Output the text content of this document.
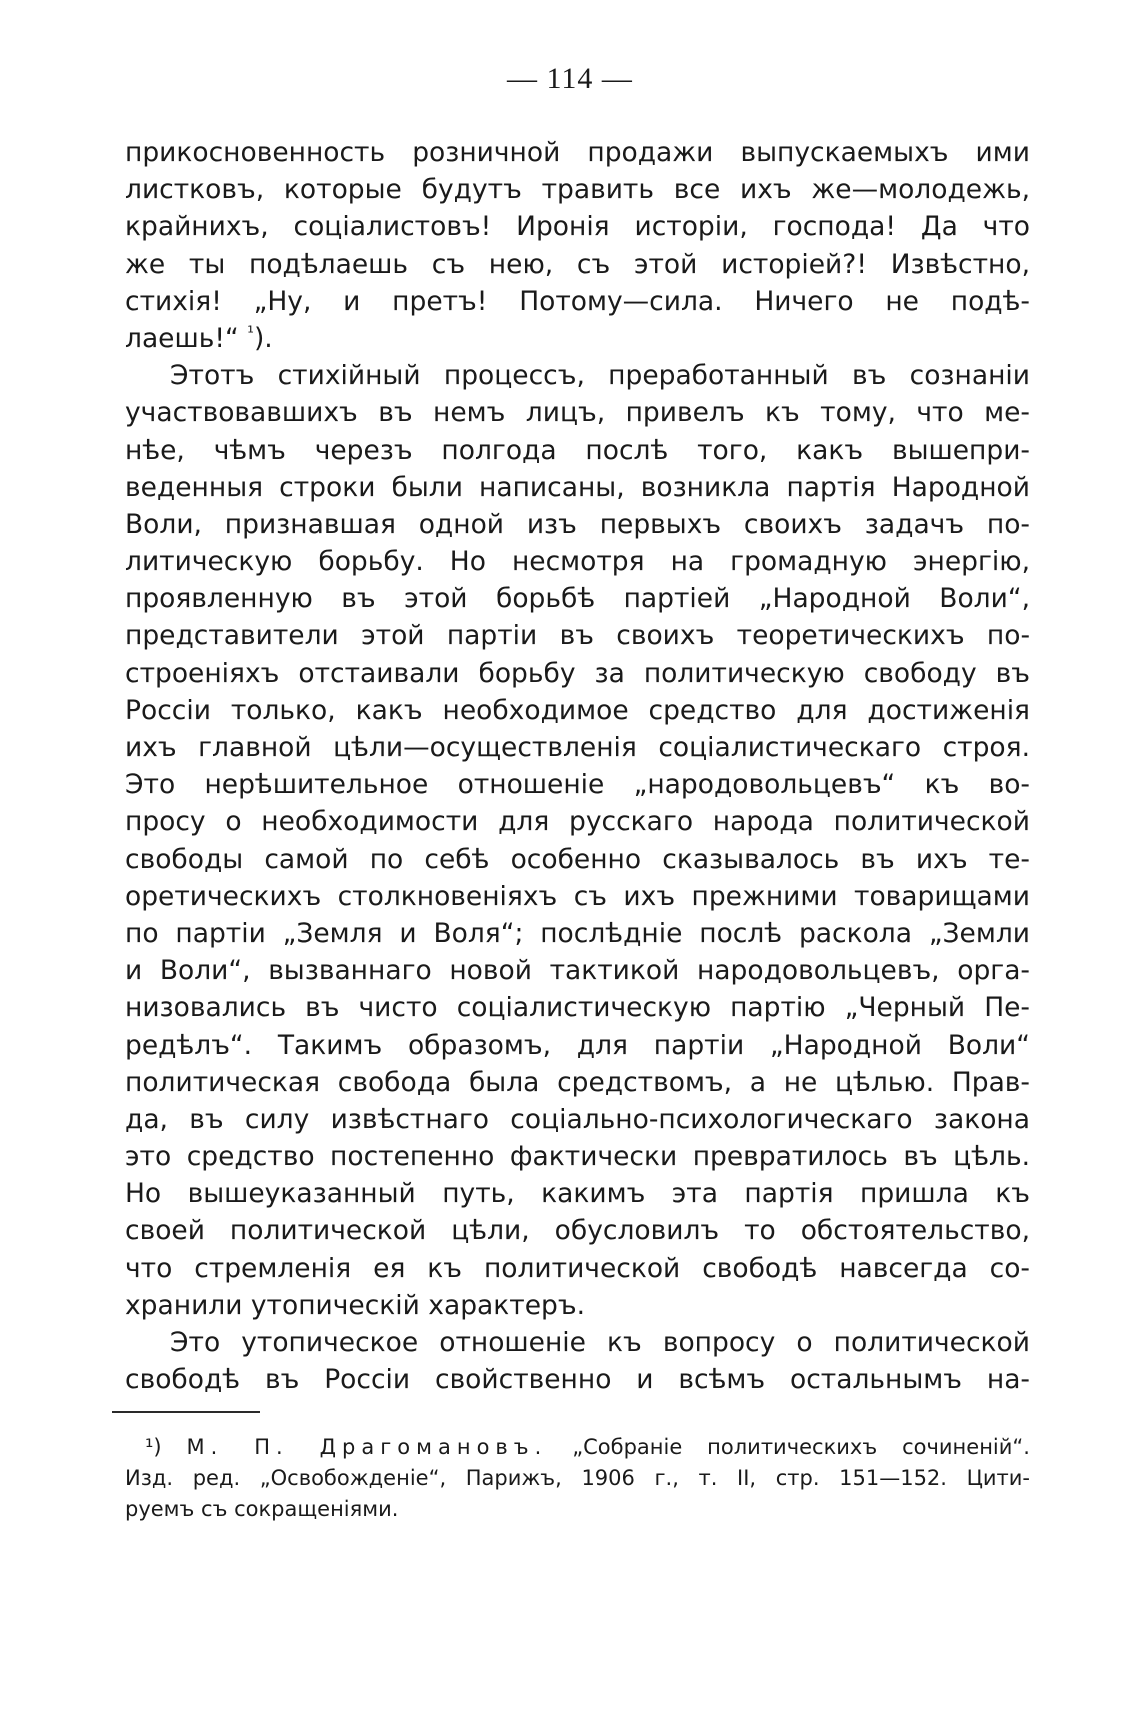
— 114 —
прикосновенность розничной продажи выпускаемыхъ ими
листковъ, которые будутъ травить все ихъ же—молодежь,
крайнихъ, соціалистовъ! Иронія исторіи, господа! Да что
же ты подѣлаешь съ нею, съ этой исторіей?! Извѣстно,
стихія! „Ну, и претъ! Потому—сила. Ничего не подѣ-
лаешь!“ $^{^1}$).
Этотъ стихійный процессъ, преработанный въ сознаніи
участвовавшихъ въ немъ лицъ, привелъ къ тому, что ме-
нѣе, чѣмъ черезъ полгода послѣ того, какъ вышепри-
веденныя строки были написаны, возникла партія Народной
Воли, признавшая одной изъ первыхъ своихъ задачъ по-
литическую борьбу. Но несмотря на громадную энергію,
проявленную въ этой борьбѣ партіей „Народной Воли“,
представители этой партіи въ своихъ теоретическихъ по-
строеніяхъ отстаивали борьбу за политическую свободу въ
Россіи только, какъ необходимое средство для достиженія
ихъ главной цѣли—осуществленія соціалистическаго строя.
Это нерѣшительное отношеніе „народовольцевъ“ къ во-
просу о необходимости для русскаго народа политической
свободы самой по себѣ особенно сказывалось въ ихъ те-
оретическихъ столкновеніяхъ съ ихъ прежними товарищами
по партіи „Земля и Воля“; послѣдніе послѣ раскола „Земли
и Воли“, вызваннаго новой тактикой народовольцевъ, орга-
низовались въ чисто соціалистическую партію „Черный Пе-
редѣлъ“. Такимъ образомъ, для партіи „Народной Воли“
политическая свобода была средствомъ, а не цѣлью. Прав-
да, въ силу извѣстнаго соціально-психологическаго закона
это средство постепенно фактически превратилось въ цѣль.
Но вышеуказанный путь, какимъ эта партія пришла къ
своей политической цѣли, обусловилъ то обстоятельство,
что стремленія ея къ политической свободѣ навсегда со-
хранили утопическій характеръ.
Это утопическое отношеніе къ вопросу о политической
свободѣ въ Россіи свойственно и всѣмъ остальнымъ на-
¹) М. П. Драгомановъ. „Собраніе политическихъ сочиненій“.
Изд. ред. „Освобожденіе“, Парижъ, 1906 г., т. II, стр. 151—152. Цити-
руемъ съ сокращеніями.
